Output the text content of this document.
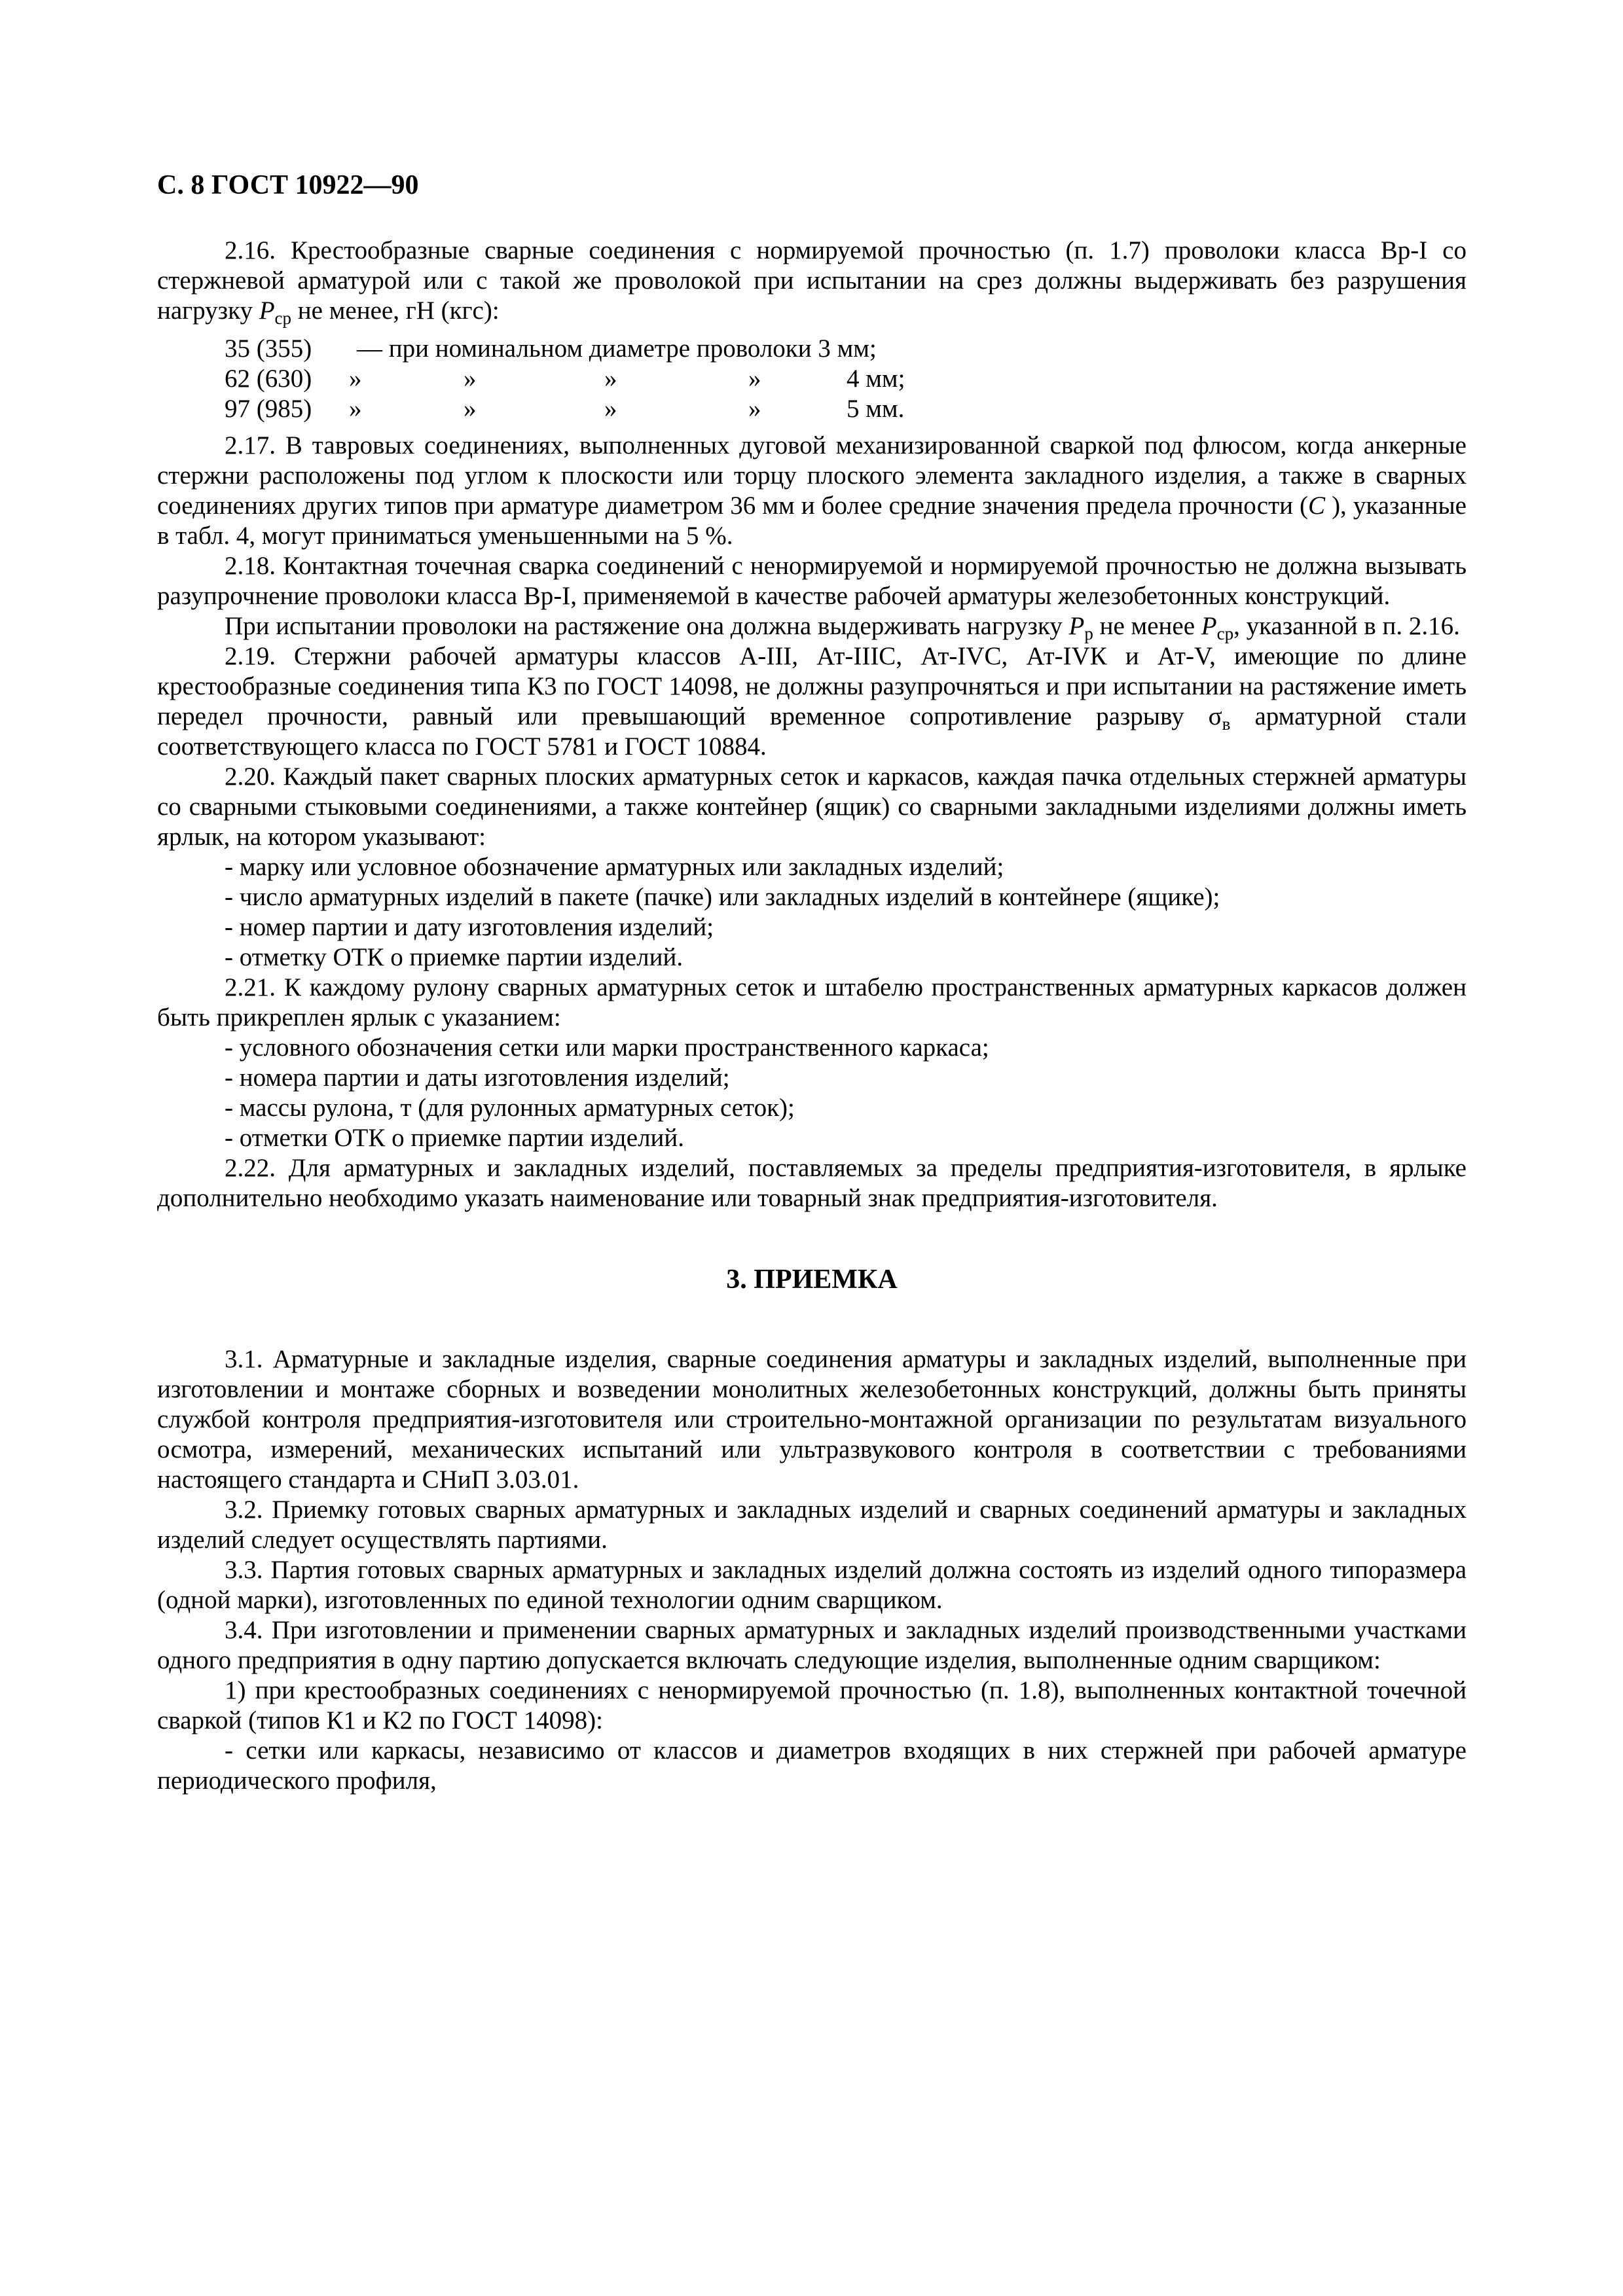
С. 8 ГОСТ 10922—90

2.16. Крестообразные сварные соединения с нормируемой прочностью (п. 1.7) проволоки класса Вр-I со стержневой арматурой или с такой же проволокой при испытании на срез должны выдерживать без разрушения нагрузку $P_{ср}$ не менее, гН (кгс):

	35 (355)	— при номинальном диаметре проволоки 3 мм;				
	62 (630)	»	»	»	»	4 мм;
	97 (985)	»	»	»	»	5 мм.

2.17. В тавровых соединениях, выполненных дуговой механизированной сваркой под флюсом, когда анкерные стержни расположены под углом к плоскости или торцу плоского элемента закладного изделия, а также в сварных соединениях других типов при арматуре диаметром 36 мм и более средние значения предела прочности (C ), указанные в табл. 4, могут приниматься уменьшенными на 5 %.

2.18. Контактная точечная сварка соединений с ненормируемой и нормируемой прочностью не должна вызывать разупрочнение проволоки класса Вр-I, применяемой в качестве рабочей арматуры железобетонных конструкций.

При испытании проволоки на растяжение она должна выдерживать нагрузку $P_р$ не менее $P_{ср}$, указанной в п. 2.16.

2.19. Стержни рабочей арматуры классов А-III, Ат-IIIС, Ат-IVС, Ат-IVК и Ат-V, имеющие по длине крестообразные соединения типа К3 по ГОСТ 14098, не должны разупрочняться и при испытании на растяжение иметь передел прочности, равный или превышающий временное сопротивление разрыву $\sigma_в$ арматурной стали соответствующего класса по ГОСТ 5781 и ГОСТ 10884.

2.20. Каждый пакет сварных плоских арматурных сеток и каркасов, каждая пачка отдельных стержней арматуры со сварными стыковыми соединениями, а также контейнер (ящик) со сварными закладными изделиями должны иметь ярлык, на котором указывают:

- марку или условное обозначение арматурных или закладных изделий;

- число арматурных изделий в пакете (пачке) или закладных изделий в контейнере (ящике);

- номер партии и дату изготовления изделий;

- отметку ОТК о приемке партии изделий.

2.21. К каждому рулону сварных арматурных сеток и штабелю пространственных арматурных каркасов должен быть прикреплен ярлык с указанием:

- условного обозначения сетки или марки пространственного каркаса;

- номера партии и даты изготовления изделий;

- массы рулона, т (для рулонных арматурных сеток);

- отметки ОТК о приемке партии изделий.

2.22. Для арматурных и закладных изделий, поставляемых за пределы предприятия-изготовителя, в ярлыке дополнительно необходимо указать наименование или товарный знак предприятия-изготовителя.

3. ПРИЕМКА

3.1. Арматурные и закладные изделия, сварные соединения арматуры и закладных изделий, выполненные при изготовлении и монтаже сборных и возведении монолитных железобетонных конструкций, должны быть приняты службой контроля предприятия-изготовителя или строительно-монтажной организации по результатам визуального осмотра, измерений, механических испытаний или ультразвукового контроля в соответствии с требованиями настоящего стандарта и СНиП 3.03.01.

3.2. Приемку готовых сварных арматурных и закладных изделий и сварных соединений арматуры и закладных изделий следует осуществлять партиями.

3.3. Партия готовых сварных арматурных и закладных изделий должна состоять из изделий одного типоразмера (одной марки), изготовленных по единой технологии одним сварщиком.

3.4. При изготовлении и применении сварных арматурных и закладных изделий производственными участками одного предприятия в одну партию допускается включать следующие изделия, выполненные одним сварщиком:

1) при крестообразных соединениях с ненормируемой прочностью (п. 1.8), выполненных контактной точечной сваркой (типов К1 и К2 по ГОСТ 14098):

- сетки или каркасы, независимо от классов и диаметров входящих в них стержней при рабочей арматуре периодического профиля,
